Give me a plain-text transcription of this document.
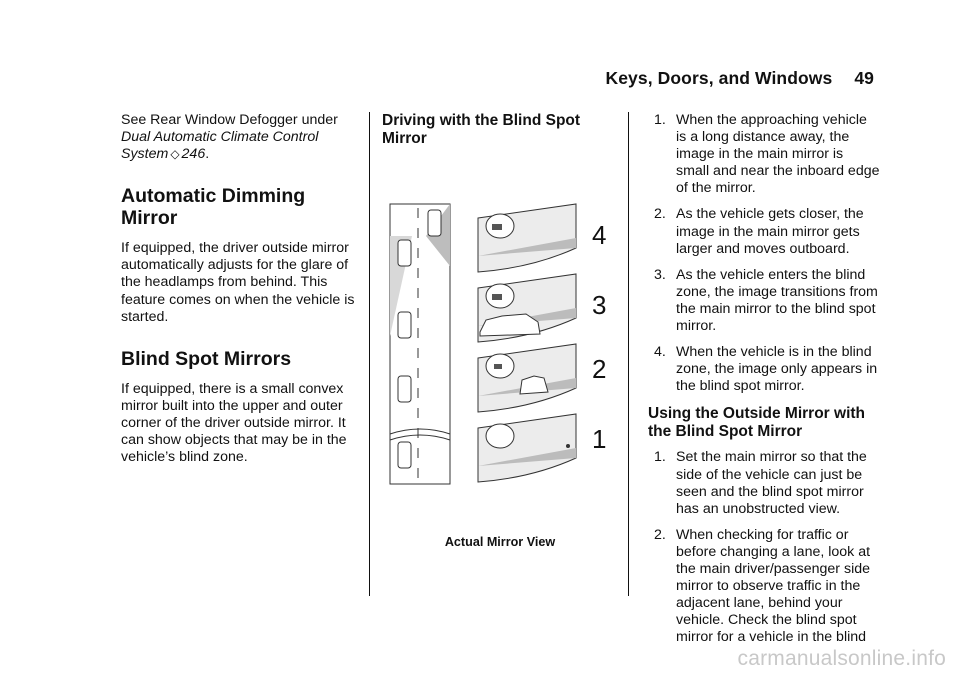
Keys, Doors, and Windows 49

See Rear Window Defogger under
Dual Automatic Climate Control System ◇ 246.

Automatic Dimming Mirror

If equipped, the driver outside mirror automatically adjusts for the glare of the headlamps from behind. This feature comes on when the vehicle is started.

Blind Spot Mirrors

If equipped, there is a small convex mirror built into the upper and outer corner of the driver outside mirror. It can show objects that may be in the vehicle’s blind zone.

Driving with the Blind Spot Mirror
4
3
2
1
Actual Mirror View
1. When the approaching vehicle is a long distance away, the image in the main mirror is small and near the inboard edge of the mirror.
2. As the vehicle gets closer, the image in the main mirror gets larger and moves outboard.
3. As the vehicle enters the blind zone, the image transitions from the main mirror to the blind spot mirror.
4. When the vehicle is in the blind zone, the image only appears in the blind spot mirror.
Using the Outside Mirror with the Blind Spot Mirror
1. Set the main mirror so that the side of the vehicle can just be seen and the blind spot mirror has an unobstructed view.
2. When checking for traffic or before changing a lane, look at the main driver/passenger side mirror to observe traffic in the adjacent lane, behind your vehicle. Check the blind spot mirror for a vehicle in the blind
carmanualsonline.info
